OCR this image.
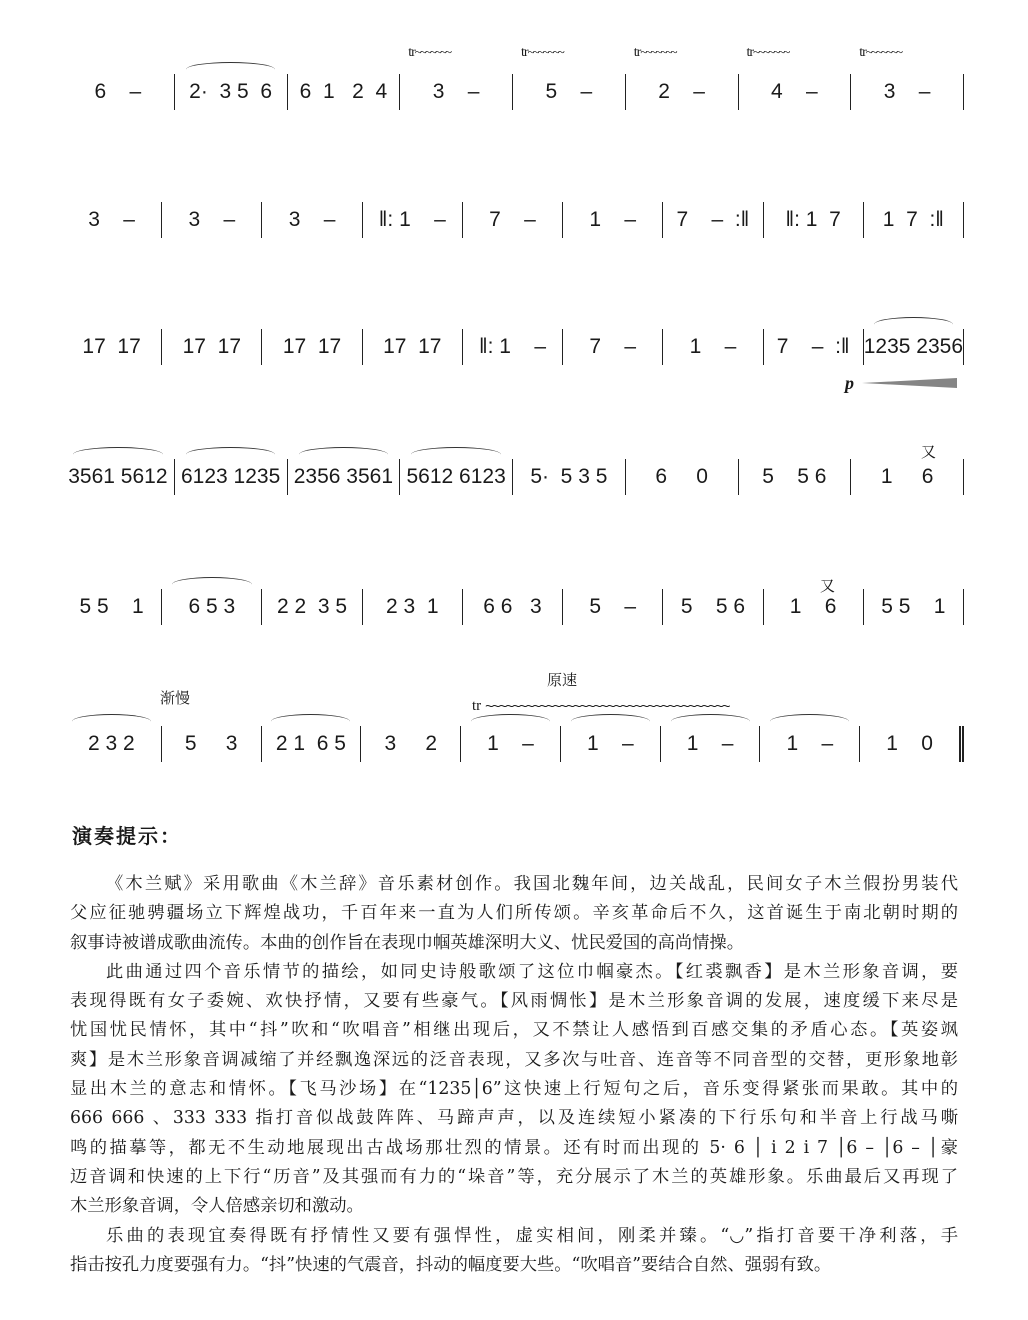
6    – 2·  3 5  6 6  1   2  4 3    –
tr ~~~~~~~
5    –
tr ~~~~~~~
2    –
tr ~~~~~~~
4    –
tr ~~~~~~~
3    –
tr ~~~~~~~
3    –	3    –	3    – ‖: 1    – 7    –	1    – 7    –  :‖ ‖: 1  7 1  7  :‖
17  17 17  17 17  17 17  17 ‖: 1    – 7    –	1    – 7    –  :‖ 1235 2356
3561 5612 6123 1235 2356 3561 5612 6123 5·  5 3 5 6     0	5    5 6	1     6
5 5    1 6 5 3 2 2  3 5 2 3  1 6 6   3 5    – 5    5 6 1    6 5 5    1
2 3 2 5     3 2 1  6 5 3     2 1    –	1    –	1    –	1    –	1    0
渐慢
原速
tr ~~~~~~~~~~~~~~~~~~~~~~~~~~~~~~~~~~~~
p
又
又
演奏提示：
《木兰赋》采用歌曲《木兰辞》音乐素材创作。我国北魏年间，边关战乱，民间女子木兰假扮男装代
父应征驰骋疆场立下辉煌战功，千百年来一直为人们所传颂。辛亥革命后不久，这首诞生于南北朝时期的
叙事诗被谱成歌曲流传。本曲的创作旨在表现巾帼英雄深明大义、忧民爱国的高尚情操。
此曲通过四个音乐情节的描绘，如同史诗般歌颂了这位巾帼豪杰。【红裘飘香】是木兰形象音调，要
表现得既有女子委婉、欢快抒情，又要有些豪气。【风雨惆怅】是木兰形象音调的发展，速度缓下来尽是
忧国忧民情怀，其中“抖”吹和“吹唱音”相继出现后，又不禁让人感悟到百感交集的矛盾心态。【英姿飒
爽】是木兰形象音调减缩了并经飘逸深远的泛音表现，又多次与吐音、连音等不同音型的交替，更形象地彰
显出木兰的意志和情怀。【飞马沙场】在“1235│6”这快速上行短句之后，音乐变得紧张而果敢。其中的
666 666 、333 333 指打音似战鼓阵阵、马蹄声声，以及连续短小紧凑的下行乐句和半音上行战马嘶
鸣的描摹等，都无不生动地展现出古战场那壮烈的情景。还有时而出现的 5· 6 │ i 2 i 7 │6 – │6 – │豪
迈音调和快速的上下行“历音”及其强而有力的“垛音”等，充分展示了木兰的英雄形象。乐曲最后又再现了
木兰形象音调，令人倍感亲切和激动。
乐曲的表现宜奏得既有抒情性又要有强悍性，虚实相间，刚柔并臻。“◡”指打音要干净利落，手
指击按孔力度要强有力。“抖”快速的气震音，抖动的幅度要大些。“吹唱音”要结合自然、强弱有致。
